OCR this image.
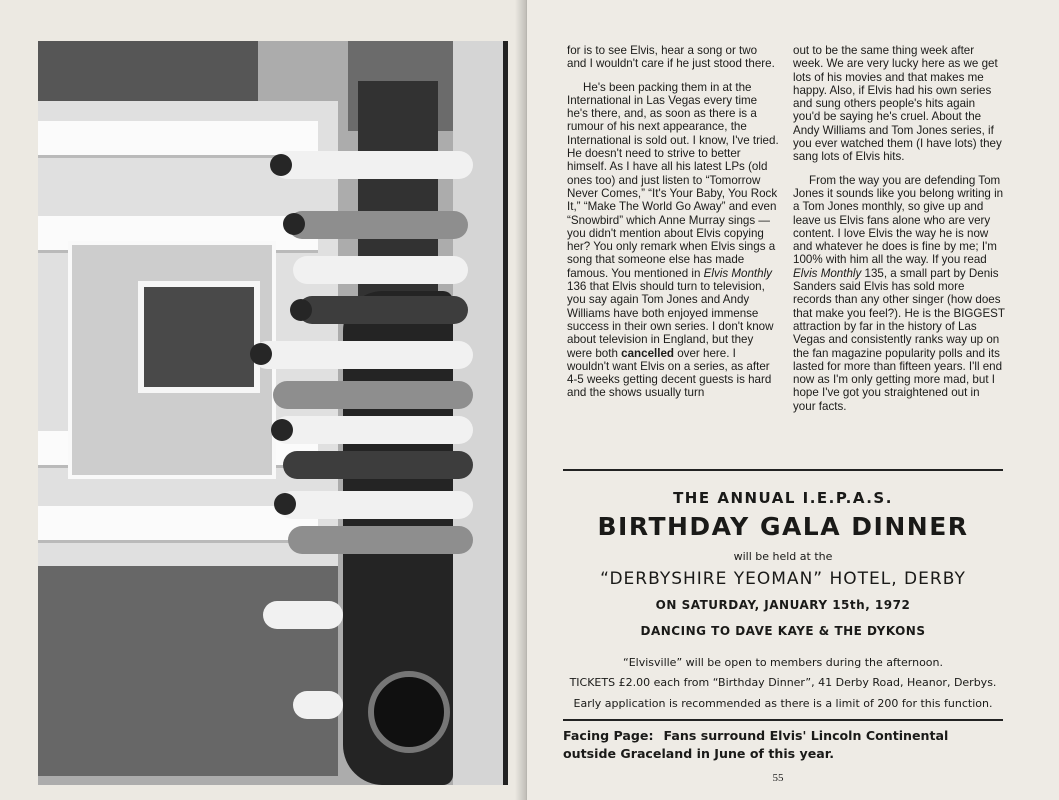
for is to see Elvis, hear a song or two and I wouldn't care if he just stood there.

He's been packing them in at the International in Las Vegas every time he's there, and, as soon as there is a rumour of his next appearance, the International is sold out. I know, I've tried. He doesn't need to strive to better himself. As I have all his latest LPs (old ones too) and just listen to “Tomorrow Never Comes,” “It's Your Baby, You Rock It,” “Make The World Go Away” and even “Snowbird” which Anne Murray sings — you didn't mention about Elvis copying her? You only remark when Elvis sings a song that someone else has made famous. You mentioned in Elvis Monthly 136 that Elvis should turn to television, you say again Tom Jones and Andy Williams have both enjoyed immense success in their own series. I don't know about television in England, but they were both cancelled over here. I wouldn't want Elvis on a series, as after 4-5 weeks getting decent guests is hard and the shows usually turn

out to be the same thing week after week. We are very lucky here as we get lots of his movies and that makes me happy. Also, if Elvis had his own series and sung others people's hits again you'd be saying he's cruel. About the Andy Williams and Tom Jones series, if you ever watched them (I have lots) they sang lots of Elvis hits.

From the way you are defending Tom Jones it sounds like you belong writing in a Tom Jones monthly, so give up and leave us Elvis fans alone who are very content. I love Elvis the way he is now and whatever he does is fine by me; I'm 100% with him all the way. If you read Elvis Monthly 135, a small part by Denis Sanders said Elvis has sold more records than any other singer (how does that make you feel?). He is the BIGGEST attraction by far in the history of Las Vegas and consistently ranks way up on the fan magazine popularity polls and its lasted for more than fifteen years. I'll end now as I'm only getting more mad, but I hope I've got you straightened out in your facts.

THE ANNUAL I.E.P.A.S.
BIRTHDAY GALA DINNER
will be held at the
“DERBYSHIRE YEOMAN” HOTEL, DERBY
ON SATURDAY, JANUARY 15th, 1972
DANCING TO DAVE KAYE & THE DYKONS
“Elvisville” will be open to members during the afternoon.
TICKETS £2.00 each from “Birthday Dinner”, 41 Derby Road, Heanor, Derbys.
Early application is recommended as there is a limit of 200 for this function.
Facing Page: Fans surround Elvis' Lincoln Continental outside Graceland in June of this year.
55
